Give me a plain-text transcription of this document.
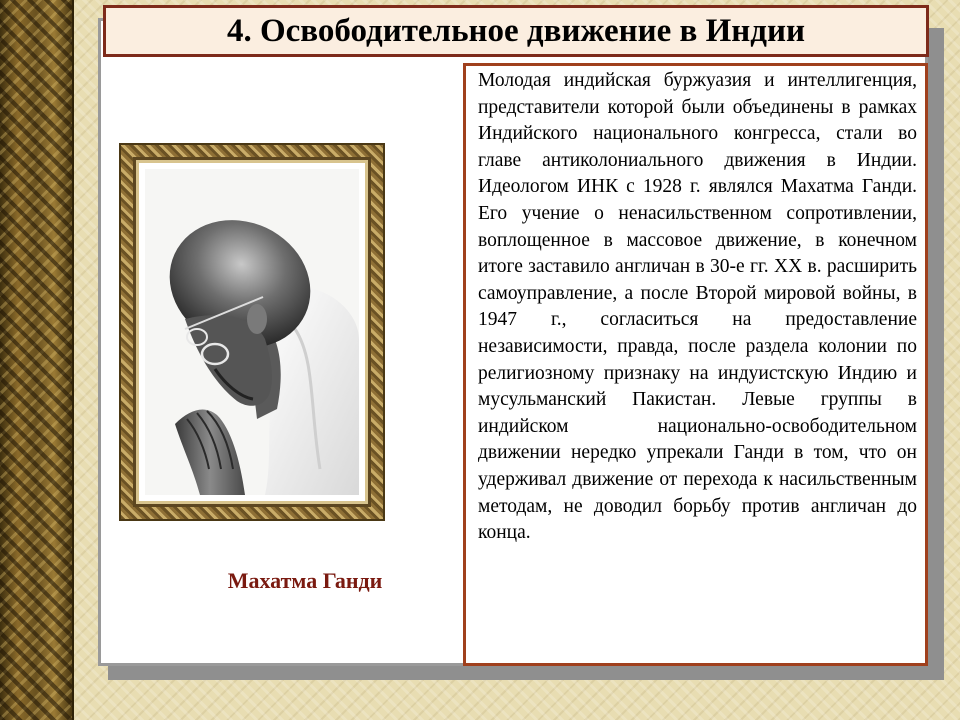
4. Освободительное движение в Индии
Махатма Ганди

Молодая индийская буржуазия и интеллигенция, представители которой были объединены в рамках Индийского национального конгресса, стали во главе антиколониального движения в Индии. Идеологом ИНК с 1928 г. являлся Махатма Ганди. Его учение о ненасильственном сопротивлении, воплощенное в массовое движение, в конечном итоге заставило англичан в 30-е гг. XX в. расширить самоуправление, а после Второй мировой войны, в 1947 г., согласиться на предоставление независимости, правда, после раздела колонии по религиозному признаку на индуистскую Индию и мусульманский Пакистан. Левые группы в индийском национально-освободительном движении нередко упрекали Ганди в том, что он удерживал движение от перехода к насильственным методам, не доводил борьбу против англичан до конца.
